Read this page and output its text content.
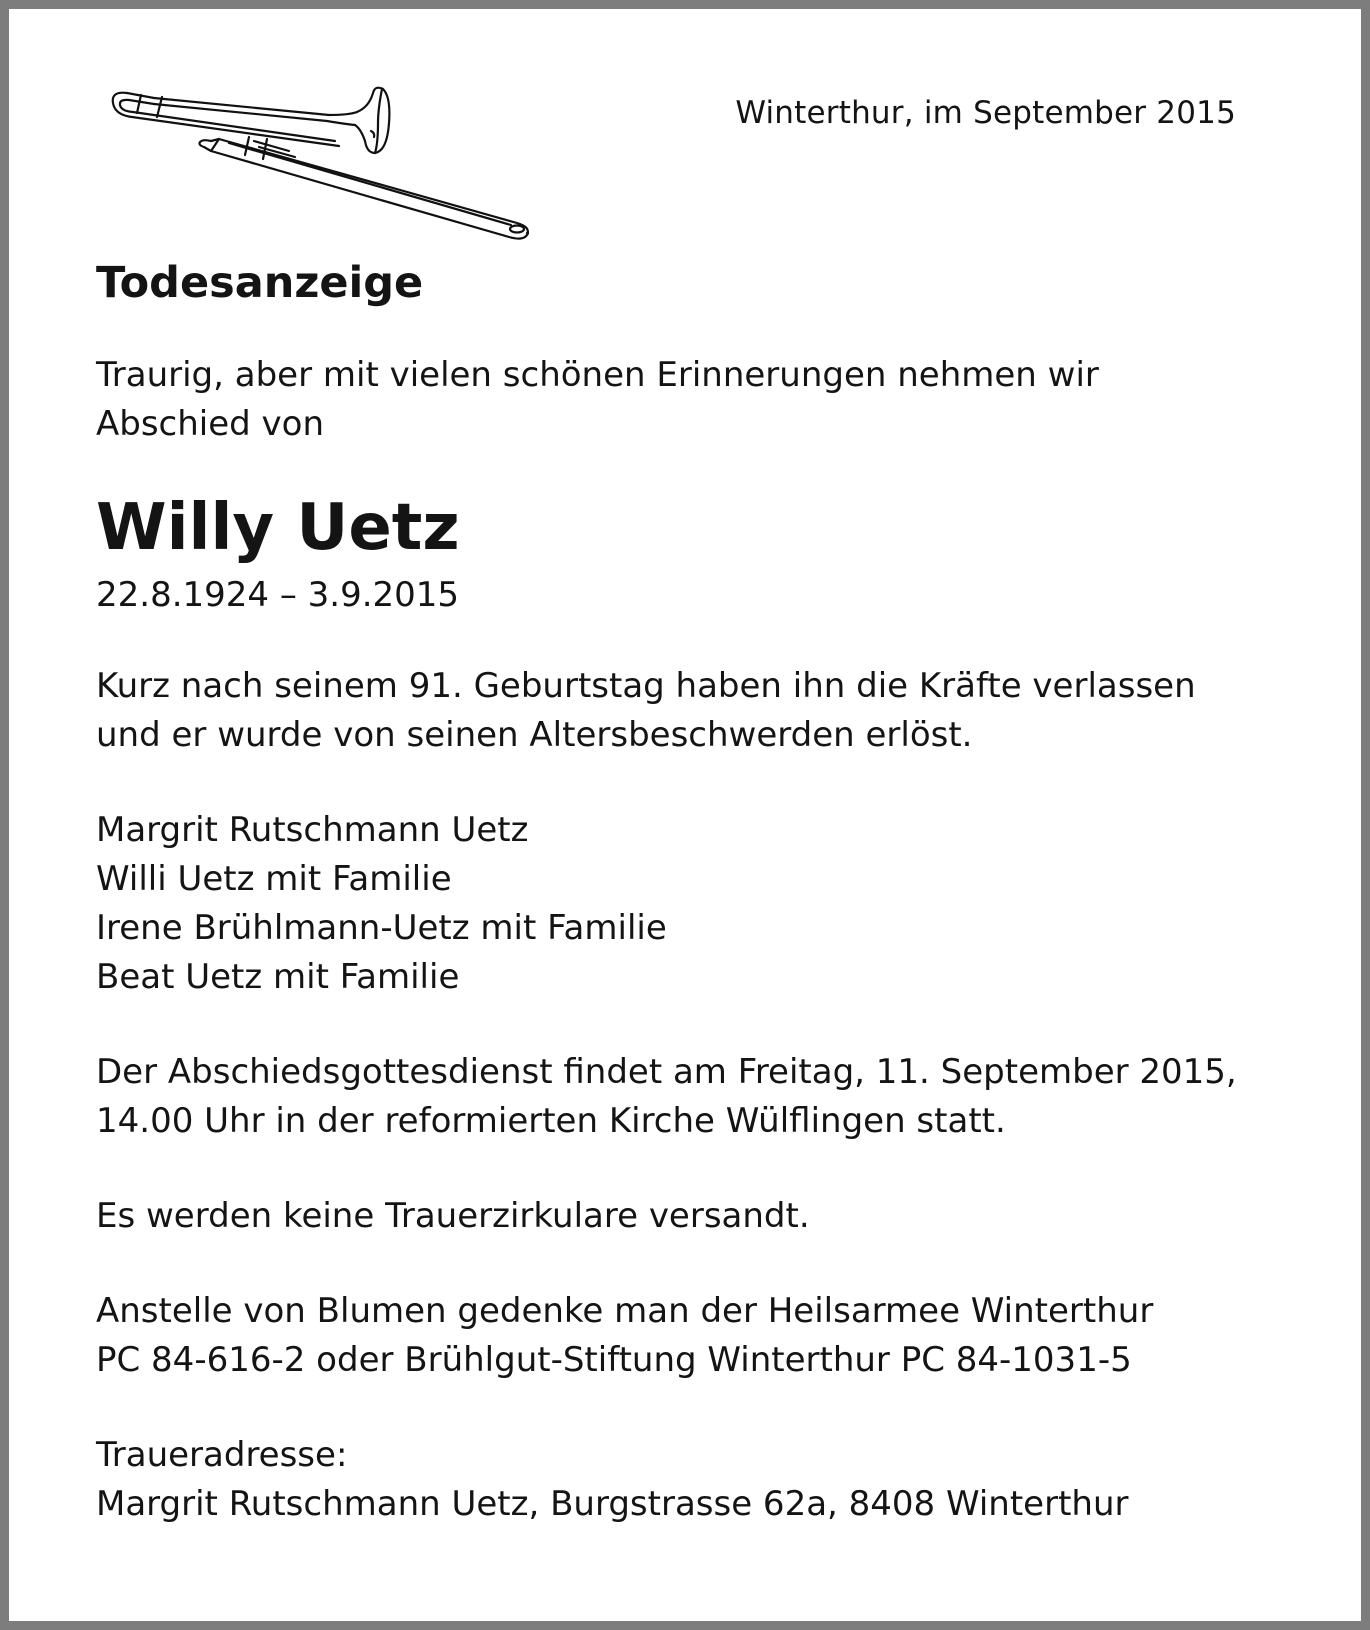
Winterthur, im September 2015
Todesanzeige

Traurig, aber mit vielen schönen Erinnerungen nehmen wir

Abschied von

Willy Uetz
22.8.1924 – 3.9.2015

Kurz nach seinem 91. Geburtstag haben ihn die Kräfte verlassen

und er wurde von seinen Altersbeschwerden erlöst.

Margrit Rutschmann Uetz

Willi Uetz mit Familie

Irene Brühlmann-Uetz mit Familie

Beat Uetz mit Familie

Der Abschiedsgottesdienst findet am Freitag, 11. September 2015,

14.00 Uhr in der reformierten Kirche Wülflingen statt.

Es werden keine Trauerzirkulare versandt.

Anstelle von Blumen gedenke man der Heilsarmee Winterthur

PC 84-616-2 oder Brühlgut-Stiftung Winterthur PC 84-1031-5

Traueradresse:

Margrit Rutschmann Uetz, Burgstrasse 62a, 8408 Winterthur
